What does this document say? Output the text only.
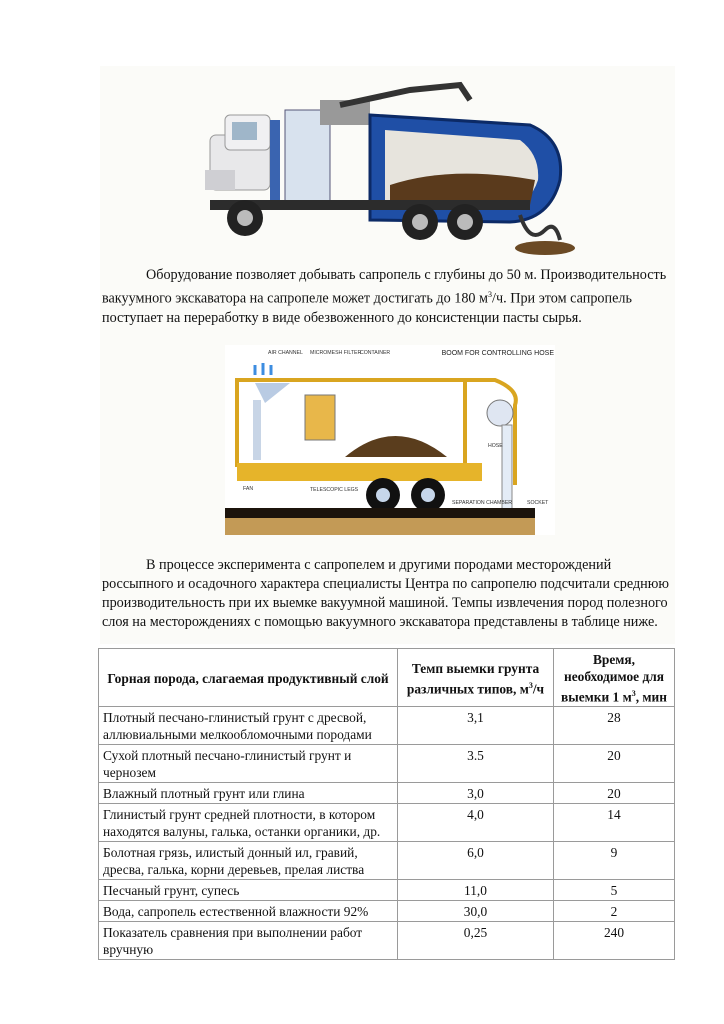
Оборудование позволяет добывать сапропель с глубины до 50 м. Производительность вакуумного экскаватора на сапропеле может достигать до 180 $м^3/ч$. При этом сапропель поступает на переработку в виде обезвоженного до консистенции пасты сырья.

AIR CHANNEL MICROMESH FILTER
CONTAINER	BOOM FOR CONTROLLING HOSE
HOSE
FAN	TELESCOPIC LEGS
SEPARATION CHAMBER	SOCKET

В процессе эксперимента с сапропелем и другими породами месторождений россыпного и осадочного характера специалисты Центра по сапропелю подсчитали среднюю производительность при их выемке вакуумной машиной. Темпы извлечения пород полезного слоя на месторождениях с помощью вакуумного экскаватора представлены в таблице ниже.

Горная порода, слагаемая продуктивный слой	Темп выемки грунта различных типов, $м^3/ч$	Время, необходимое для выемки 1 $м^3$, мин
Плотный песчано-глинистый грунт с дресвой, аллювиальными мелкообломочными породами	3,1	28
Сухой плотный песчано-глинистый грунт и чернозем	3.5	20
Влажный плотный грунт или глина	3,0	20
Глинистый грунт средней плотности, в котором находятся валуны, галька, останки органики, др.	4,0	14
Болотная грязь, илистый донный ил, гравий, дресва, галька, корни деревьев, прелая листва	6,0	9
Песчаный грунт, супесь	11,0	5
Вода, сапропель естественной влажности 92%	30,0	2
Показатель сравнения при выполнении работ вручную	0,25	240
